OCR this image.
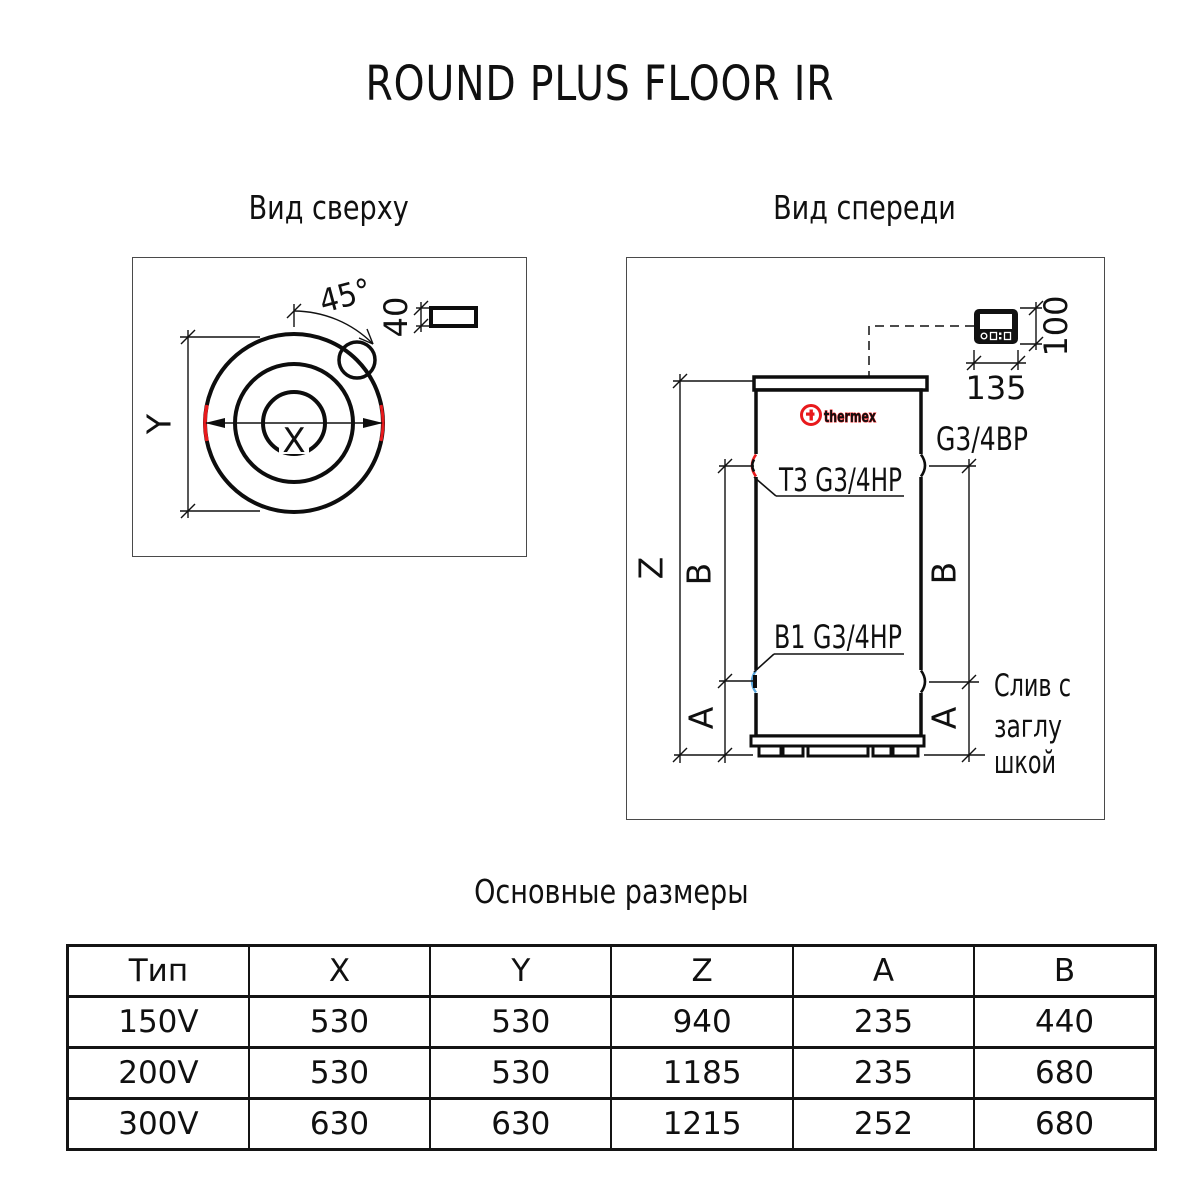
ROUND PLUS FLOOR IR
Вид сверху	Вид спереди
Y	X
45°
40
thermex
T3 G3/4HP
B1 G3/4HP
G3/4BP
Слив с
заглу
шкой
Z B
A
B
A
100
135
Основные размеры
Тип	X	Y	Z	A	B
150V	530	530	940	235	440
200V	530	530	1185	235	680
300V	630	630	1215	252	680
